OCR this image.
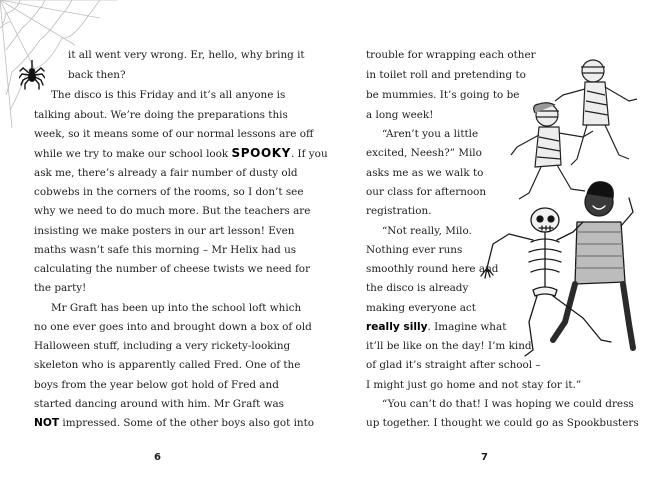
it all went very wrong. Er, hello, why bring it
back then?
The disco is this Friday and it’s all anyone is
talking about. We’re doing the preparations this
week, so it means some of our normal lessons are off
while we try to make our school look SPOOKY. If you
ask me, there’s already a fair number of dusty old
cobwebs in the corners of the rooms, so I don’t see
why we need to do much more. But the teachers are
insisting we make posters in our art lesson! Even
maths wasn’t safe this morning – Mr Helix had us
calculating the number of cheese twists we need for
the party!
Mr Graft has been up into the school loft which
no one ever goes into and brought down a box of old
Halloween stuff, including a very rickety-looking
skeleton who is apparently called Fred. One of the
boys from the year below got hold of Fred and
started dancing around with him. Mr Graft was
NOT impressed. Some of the other boys also got into
6
trouble for wrapping each other
in toilet roll and pretending to
be mummies. It’s going to be
a long week!
“Aren’t you a little
excited, Neesh?” Milo
asks me as we walk to
our class for afternoon
registration.
“Not really, Milo.
Nothing ever runs
smoothly round here and
the disco is already
making everyone act
really silly. Imagine what
it’ll be like on the day! I’m kind
of glad it’s straight after school –
I might just go home and not stay for it.”
“You can’t do that! I was hoping we could dress
up together. I thought we could go as Spookbusters
7
